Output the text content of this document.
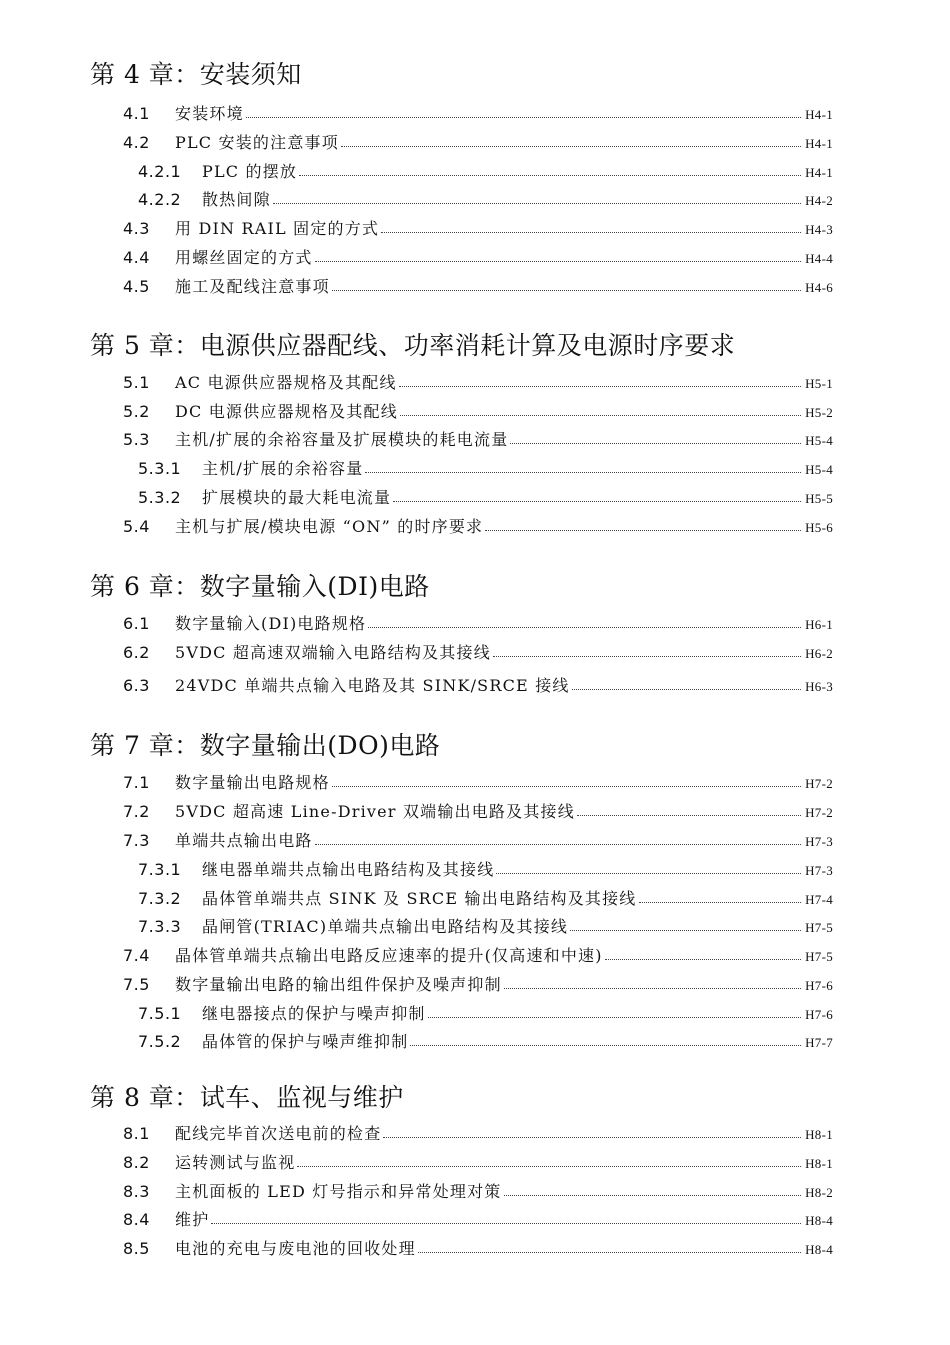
第 4 章：安装须知
4.1	安装环境	H4-1
4.2	PLC 安装的注意事项	H4-1
4.2.1	PLC 的摆放	H4-1
4.2.2	散热间隙	H4-2
4.3	用 DIN RAIL 固定的方式	H4-3
4.4	用螺丝固定的方式	H4-4
4.5	施工及配线注意事项	H4-6
第 5 章：电源供应器配线、功率消耗计算及电源时序要求
5.1	AC 电源供应器规格及其配线	H5-1
5.2	DC 电源供应器规格及其配线	H5-2
5.3	主机/扩展的余裕容量及扩展模块的耗电流量	H5-4
5.3.1	主机/扩展的余裕容量	H5-4
5.3.2	扩展模块的最大耗电流量	H5-5
5.4	主机与扩展/模块电源 “ON” 的时序要求	H5-6
第 6 章：数字量输入(DI)电路
6.1	数字量输入(DI)电路规格	H6-1
6.2	5VDC 超高速双端输入电路结构及其接线	H6-2
6.3	24VDC 单端共点输入电路及其 SINK/SRCE 接线	H6-3
第 7 章：数字量输出(DO)电路
7.1	数字量输出电路规格	H7-2
7.2	5VDC 超高速 Line-Driver 双端输出电路及其接线	H7-2
7.3	单端共点输出电路	H7-3
7.3.1	继电器单端共点输出电路结构及其接线	H7-3
7.3.2	晶体管单端共点 SINK 及 SRCE 输出电路结构及其接线	H7-4
7.3.3	晶闸管(TRIAC)单端共点输出电路结构及其接线	H7-5
7.4	晶体管单端共点输出电路反应速率的提升(仅高速和中速)	H7-5
7.5	数字量输出电路的输出组件保护及噪声抑制	H7-6
7.5.1	继电器接点的保护与噪声抑制	H7-6
7.5.2	晶体管的保护与噪声维抑制	H7-7
第 8 章：试车、监视与维护
8.1	配线完毕首次送电前的检查	H8-1
8.2	运转测试与监视	H8-1
8.3	主机面板的 LED 灯号指示和异常处理对策	H8-2
8.4	维护	H8-4
8.5	电池的充电与废电池的回收处理	H8-4
